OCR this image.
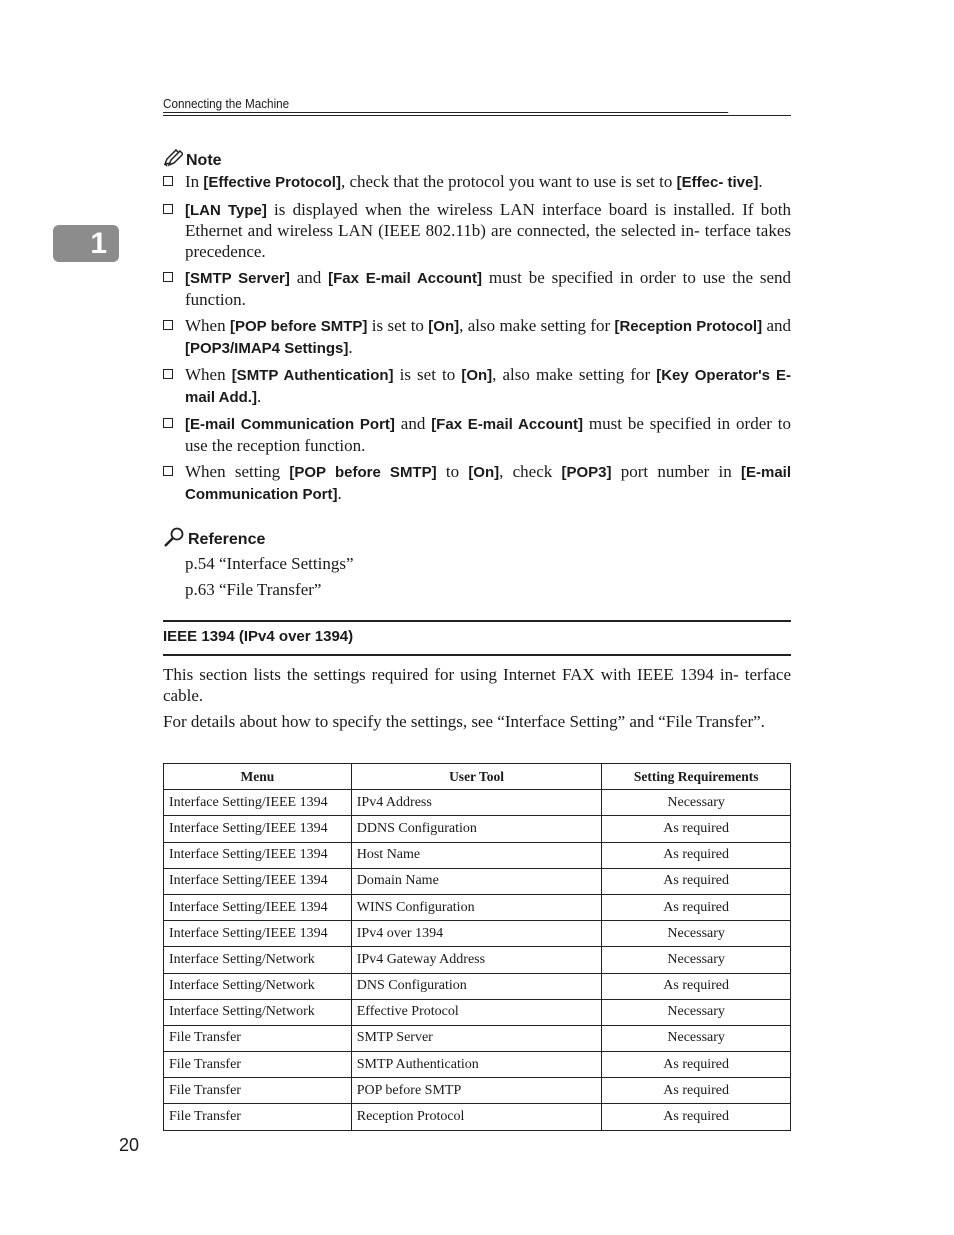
Connecting the Machine
1
Note
In [Effective Protocol], check that the protocol you want to use is set to [Effec- tive].
[LAN Type] is displayed when the wireless LAN interface board is installed. If both Ethernet and wireless LAN (IEEE 802.11b) are connected, the selected in- terface takes precedence.
[SMTP Server] and [Fax E-mail Account] must be specified in order to use the send function.
When [POP before SMTP] is set to [On], also make setting for [Reception Protocol] and [POP3/IMAP4 Settings].
When [SMTP Authentication] is set to [On], also make setting for [Key Operator's E-mail Add.].
[E-mail Communication Port] and [Fax E-mail Account] must be specified in order to use the reception function.
When setting [POP before SMTP] to [On], check [POP3] port number in [E-mail Communication Port].
Reference
p.54 “Interface Settings”
p.63 “File Transfer”
IEEE 1394 (IPv4 over 1394)

This section lists the settings required for using Internet FAX with IEEE 1394 in- terface cable.

For details about how to specify the settings, see “Interface Setting” and “File Transfer”.

Menu	User Tool	Setting Requirements
Interface Setting/IEEE 1394	IPv4 Address	Necessary
Interface Setting/IEEE 1394	DDNS Configuration	As required
Interface Setting/IEEE 1394	Host Name	As required
Interface Setting/IEEE 1394	Domain Name	As required
Interface Setting/IEEE 1394	WINS Configuration	As required
Interface Setting/IEEE 1394	IPv4 over 1394	Necessary
Interface Setting/Network	IPv4 Gateway Address	Necessary
Interface Setting/Network	DNS Configuration	As required
Interface Setting/Network	Effective Protocol	Necessary
File Transfer	SMTP Server	Necessary
File Transfer	SMTP Authentication	As required
File Transfer	POP before SMTP	As required
File Transfer	Reception Protocol	As required
20
